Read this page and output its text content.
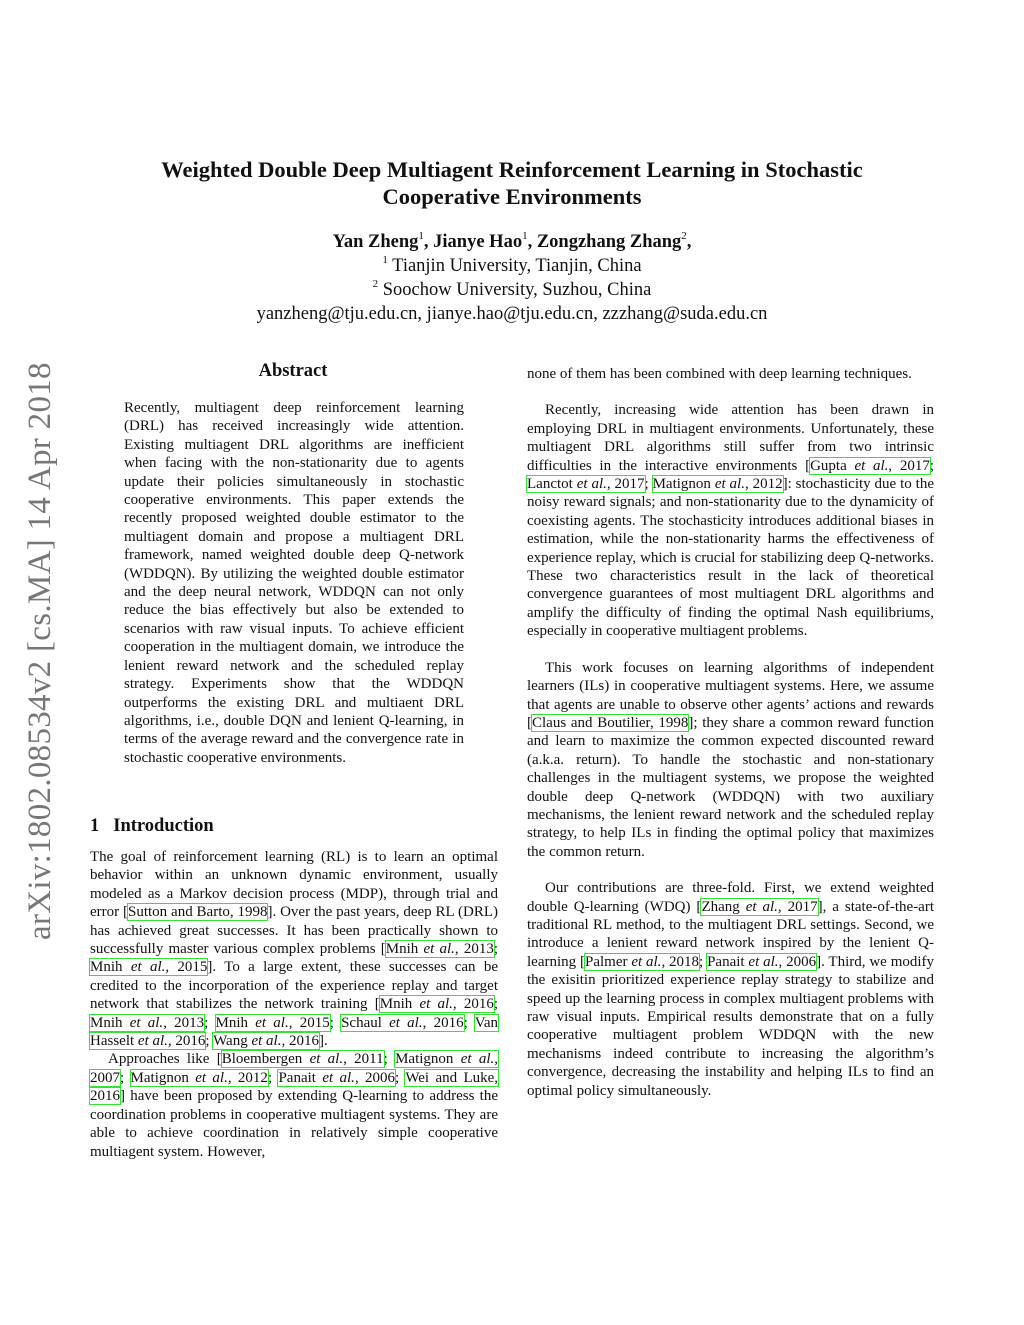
arXiv:1802.08534v2 [cs.MA] 14 Apr 2018
Weighted Double Deep Multiagent Reinforcement Learning in Stochastic
Cooperative Environments
Yan Zheng$^1$, Jianye Hao$^1$, Zongzhang Zhang$^2$,
$^1$ Tianjin University, Tianjin, China
$^2$ Soochow University, Suzhou, China
yanzheng@tju.edu.cn, jianye.hao@tju.edu.cn, zzzhang@suda.edu.cn
Abstract
Recently, multiagent deep reinforcement learning (DRL) has received increasingly wide attention. Existing multiagent DRL algorithms are inefficient when facing with the non-stationarity due to agents update their policies simultaneously in stochastic cooperative environments. This paper extends the recently proposed weighted double estimator to the multiagent domain and propose a multiagent DRL framework, named weighted double deep Q-network (WDDQN). By utilizing the weighted double estimator and the deep neural network, WDDQN can not only reduce the bias effectively but also be extended to scenarios with raw visual inputs. To achieve efficient cooperation in the multiagent domain, we introduce the lenient reward network and the scheduled replay strategy. Experiments show that the WDDQN outperforms the existing DRL and multiaent DRL algorithms, i.e., double DQN and lenient Q-learning, in terms of the average reward and the convergence rate in stochastic cooperative environments.
1 Introduction

The goal of reinforcement learning (RL) is to learn an optimal behavior within an unknown dynamic environment, usually modeled as a Markov decision process (MDP), through trial and error [Sutton and Barto, 1998]. Over the past years, deep RL (DRL) has achieved great successes. It has been practically shown to successfully master various complex problems [Mnih et al., 2013; Mnih et al., 2015]. To a large extent, these successes can be credited to the incorporation of the experience replay and target network that stabilizes the network training [Mnih et al., 2016; Mnih et al., 2013; Mnih et al., 2015; Schaul et al., 2016; Van Hasselt et al., 2016; Wang et al., 2016].

Approaches like [Bloembergen et al., 2011; Matignon et al., 2007; Matignon et al., 2012; Panait et al., 2006; Wei and Luke, 2016] have been proposed by extending Q-learning to address the coordination problems in cooperative multiagent systems. They are able to achieve coordination in relatively simple cooperative multiagent system. However,

none of them has been combined with deep learning techniques.

Recently, increasing wide attention has been drawn in employing DRL in multiagent environments. Unfortunately, these multiagent DRL algorithms still suffer from two intrinsic difficulties in the interactive environments [Gupta et al., 2017; Lanctot et al., 2017; Matignon et al., 2012]: stochasticity due to the noisy reward signals; and non-stationarity due to the dynamicity of coexisting agents. The stochasticity introduces additional biases in estimation, while the non-stationarity harms the effectiveness of experience replay, which is crucial for stabilizing deep Q-networks. These two characteristics result in the lack of theoretical convergence guarantees of most multiagent DRL algorithms and amplify the difficulty of finding the optimal Nash equilibriums, especially in cooperative multiagent problems.

This work focuses on learning algorithms of independent learners (ILs) in cooperative multiagent systems. Here, we assume that agents are unable to observe other agents’ actions and rewards [Claus and Boutilier, 1998]; they share a common reward function and learn to maximize the common expected discounted reward (a.k.a. return). To handle the stochastic and non-stationary challenges in the multiagent systems, we propose the weighted double deep Q-network (WDDQN) with two auxiliary mechanisms, the lenient reward network and the scheduled replay strategy, to help ILs in finding the optimal policy that maximizes the common return.

Our contributions are three-fold. First, we extend weighted double Q-learning (WDQ) [Zhang et al., 2017], a state-of-the-art traditional RL method, to the multiagent DRL settings. Second, we introduce a lenient reward network inspired by the lenient Q-learning [Palmer et al., 2018; Panait et al., 2006]. Third, we modify the exisitin prioritized experience replay strategy to stabilize and speed up the learning process in complex multiagent problems with raw visual inputs. Empirical results demonstrate that on a fully cooperative multiagent problem WDDQN with the new mechanisms indeed contribute to increasing the algorithm’s convergence, decreasing the instability and helping ILs to find an optimal policy simultaneously.
